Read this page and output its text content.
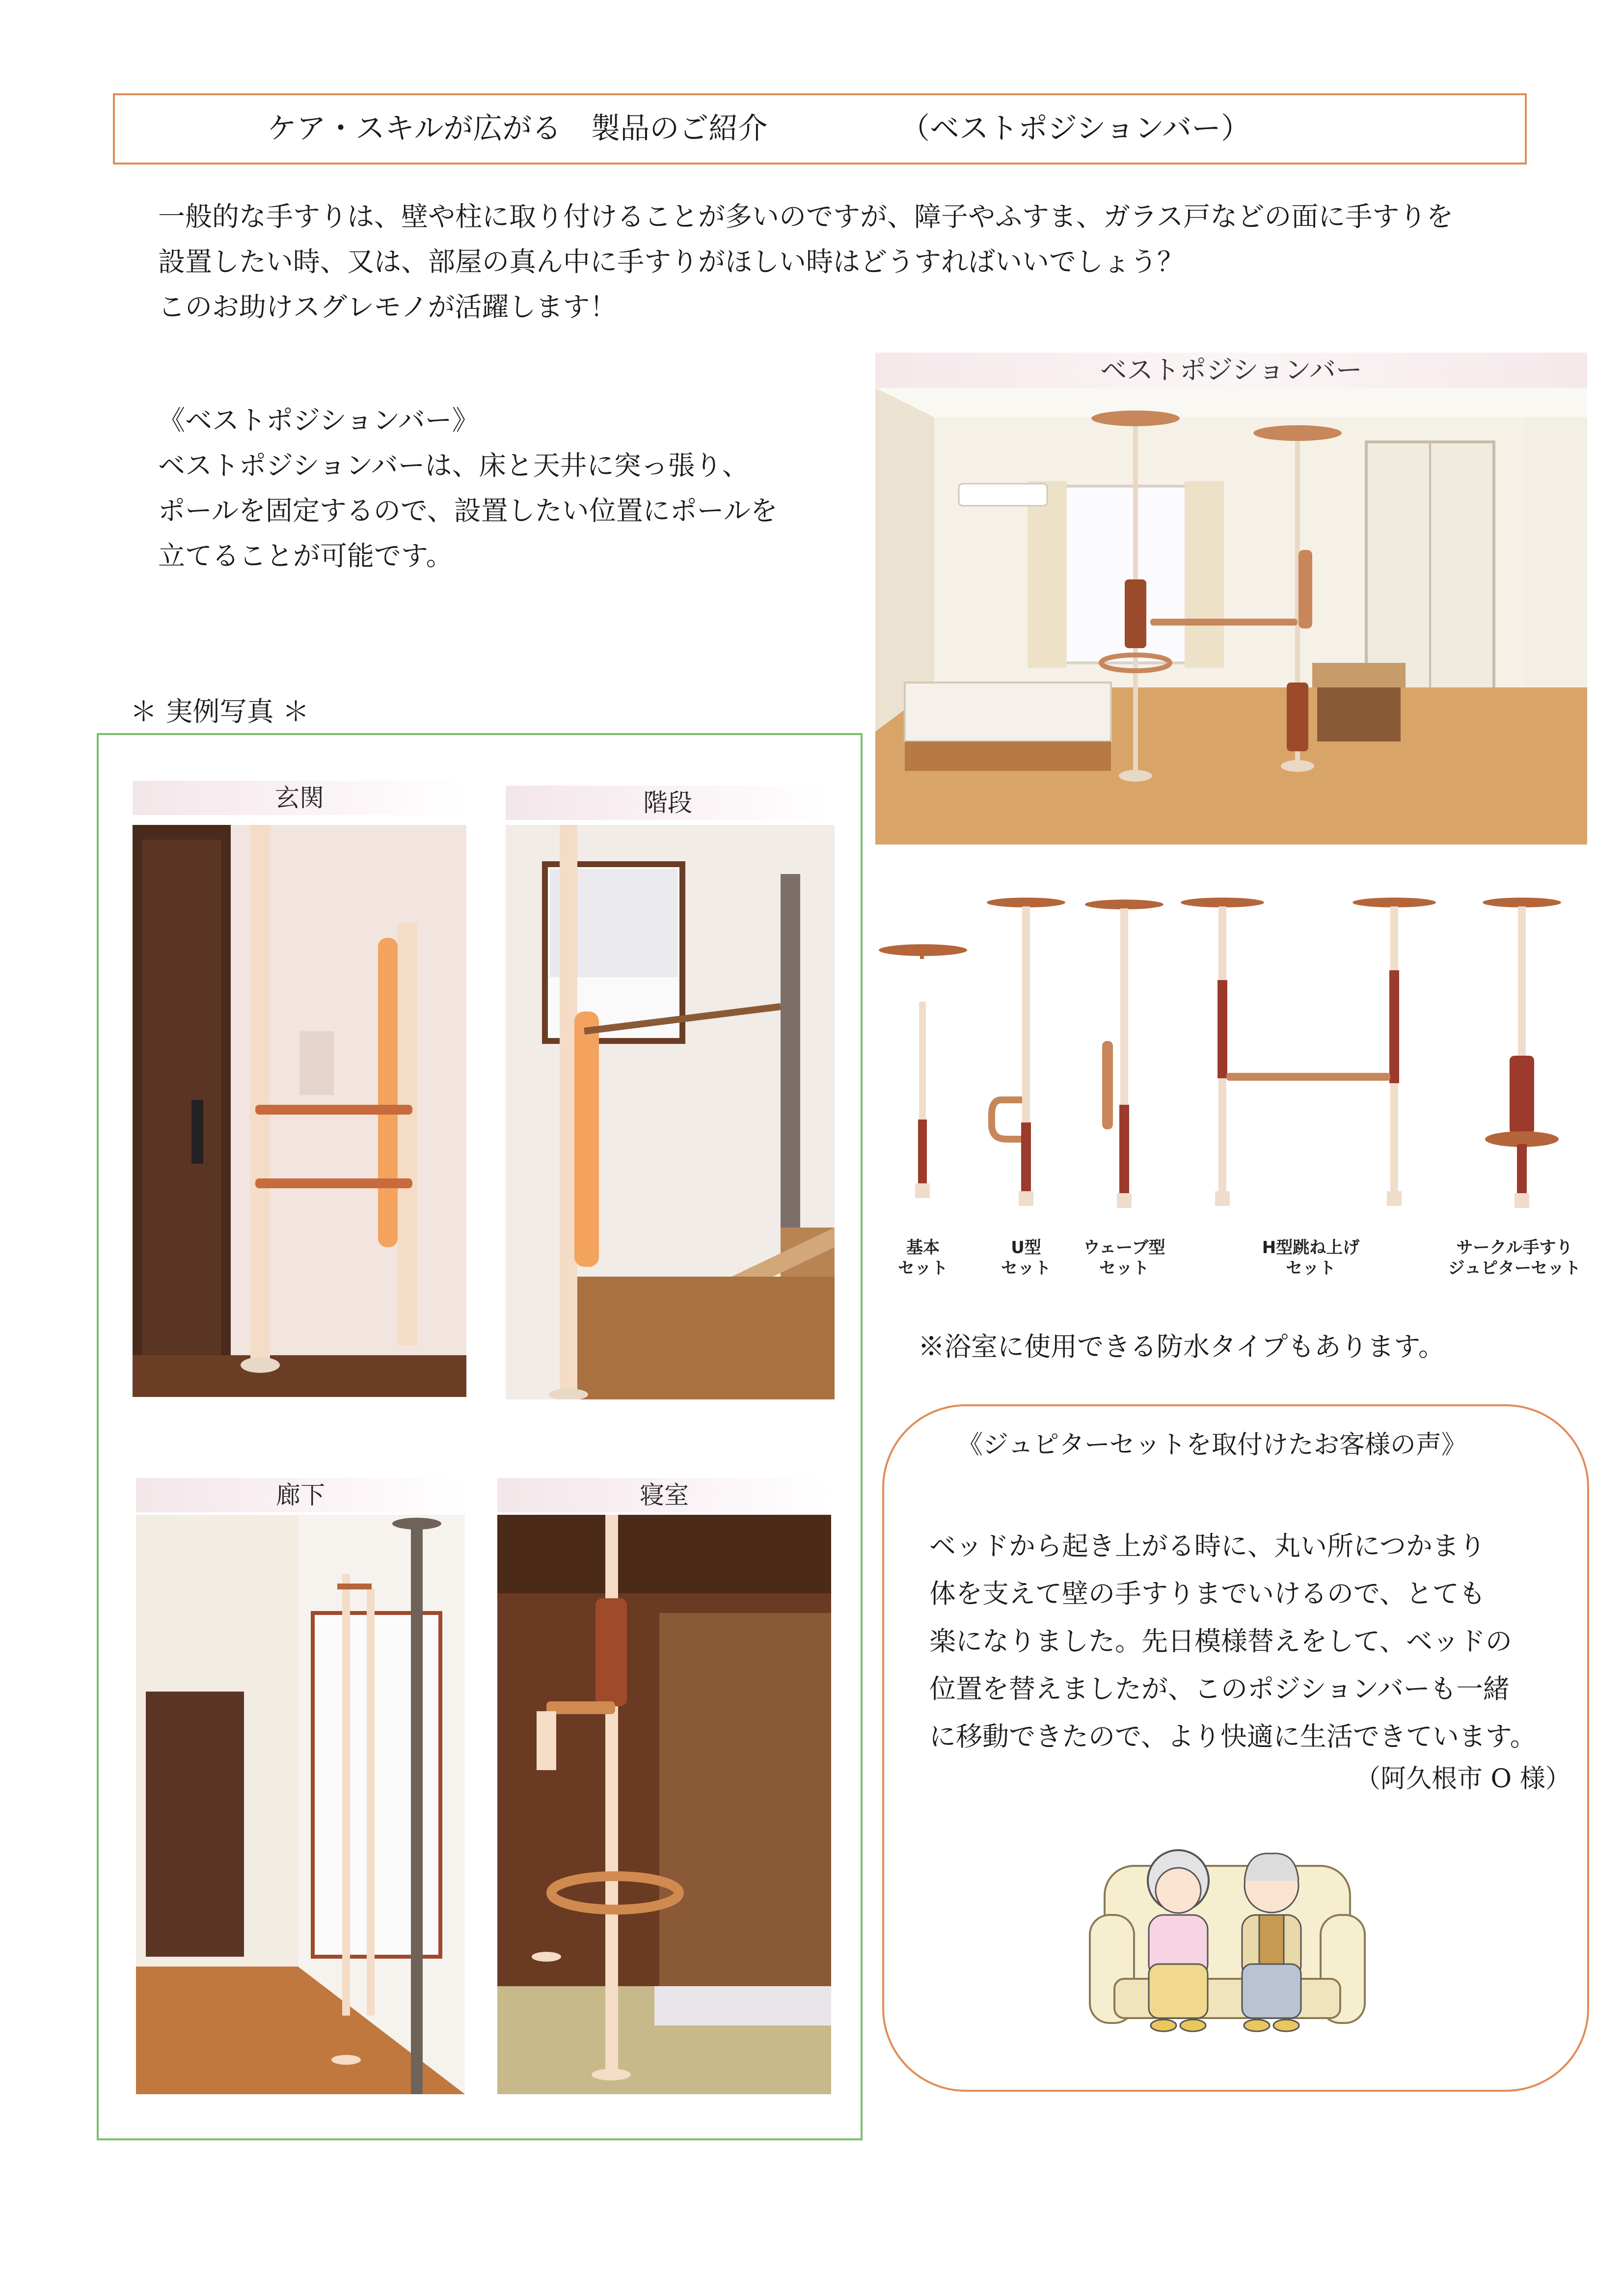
ケア・スキルが広がる　製品のご紹介	（ベストポジションバー）
一般的な手すりは、壁や柱に取り付けることが多いのですが、障子やふすま、ガラス戸などの面に手すりを
設置したい時、又は、部屋の真ん中に手すりがほしい時はどうすればいいでしょう？
このお助けスグレモノが活躍します！
《ベストポジションバー》
ベストポジションバーは、床と天井に突っ張り、
ポールを固定するので、設置したい位置にポールを
立てることが可能です。
ベストポジションバー
基本
セット
U型
セット
ウェーブ型
セット
H型跳ね上げ
セット
サークル手すり
ジュピターセット
※浴室に使用できる防水タイプもあります。
＊ 実例写真 ＊
玄関	階段
廊下	寝室
《ジュピターセットを取付けたお客様の声》
ベッドから起き上がる時に、丸い所につかまり
体を支えて壁の手すりまでいけるので、とても
楽になりました。先日模様替えをして、ベッドの
位置を替えましたが、このポジションバーも一緒
に移動できたので、より快適に生活できています。
（阿久根市 O 様）
